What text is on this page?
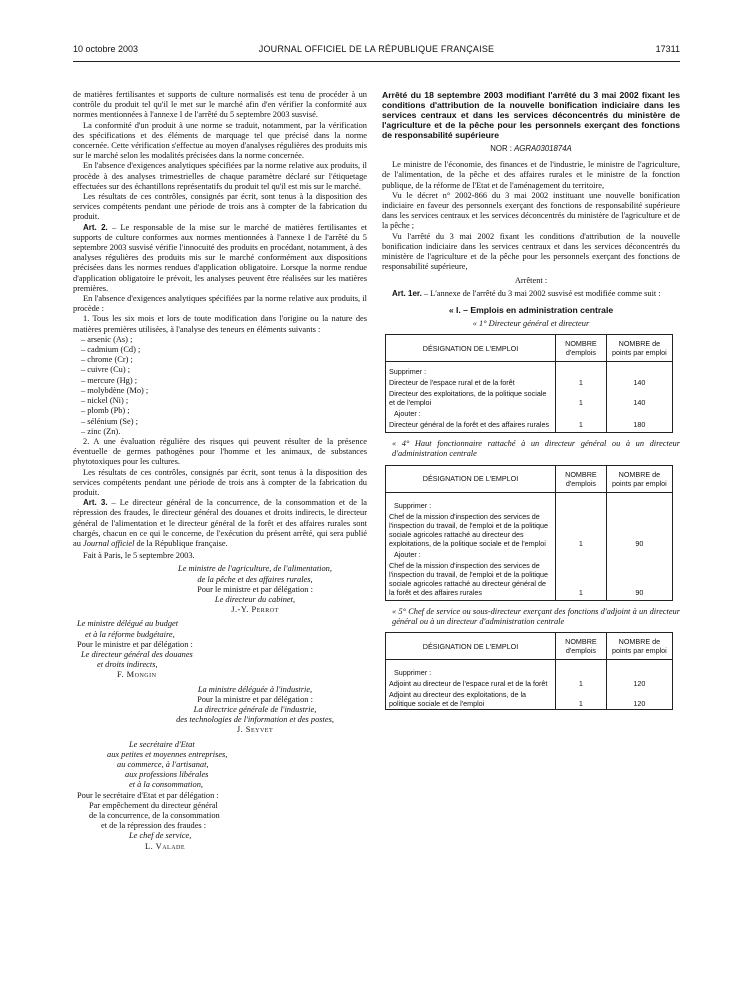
10 octobre 2003	JOURNAL OFFICIEL DE LA RÉPUBLIQUE FRANÇAISE	17311

de matières fertilisantes et supports de culture normalisés est tenu de procéder à un contrôle du produit tel qu'il le met sur le marché afin d'en vérifier la conformité aux normes mentionnées à l'annexe I de l'arrêté du 5 septembre 2003 susvisé.

La conformité d'un produit à une norme se traduit, notamment, par la vérification des spécifications et des éléments de marquage tel que précisé dans la norme concernée. Cette vérification s'effectue au moyen d'analyses régulières des produits mis sur le marché selon les modalités précisées dans la norme concernée.

En l'absence d'exigences analytiques spécifiées par la norme relative aux produits, il procède à des analyses trimestrielles de chaque paramètre déclaré sur l'étiquetage effectuées sur des échantillons représentatifs du produit tel qu'il est mis sur le marché.

Les résultats de ces contrôles, consignés par écrit, sont tenus à la disposition des services compétents pendant une période de trois ans à compter de la fabrication du produit.

Art. 2. – Le responsable de la mise sur le marché de matières fertilisantes et supports de culture conformes aux normes mentionnées à l'annexe I de l'arrêté du 5 septembre 2003 susvisé vérifie l'innocuité des produits en procédant, notamment, à des analyses régulières des produits mis sur le marché conformément aux dispositions précisées dans les normes rendues d'application obligatoire. Lorsque la norme rendue d'application obligatoire le prévoit, les analyses peuvent être réalisées sur les matières premières.

En l'absence d'exigences analytiques spécifiées par la norme relative aux produits, il procède :

1. Tous les six mois et lors de toute modification dans l'origine ou la nature des matières premières utilisées, à l'analyse des teneurs en éléments suivants :

– arsenic (As) ;
– cadmium (Cd) ;
– chrome (Cr) ;
– cuivre (Cu) ;
– mercure (Hg) ;
– molybdène (Mo) ;
– nickel (Ni) ;
– plomb (Pb) ;
– sélénium (Se) ;
– zinc (Zn).

2. A une évaluation régulière des risques qui peuvent résulter de la présence éventuelle de germes pathogènes pour l'homme et les animaux, de substances phytotoxiques pour les cultures.

Les résultats de ces contrôles, consignés par écrit, sont tenus à la disposition des services compétents pendant une période de trois ans à compter de la fabrication du produit.

Art. 3. – Le directeur général de la concurrence, de la consommation et de la répression des fraudes, le directeur général des douanes et droits indirects, le directeur général de l'alimentation et le directeur général de la forêt et des affaires rurales sont chargés, chacun en ce qui le concerne, de l'exécution du présent arrêté, qui sera publié au Journal officiel de la République française.

Fait à Paris, le 5 septembre 2003.

Le ministre de l'agriculture, de l'alimentation,

de la pêche et des affaires rurales,

Pour le ministre et par délégation :

Le directeur du cabinet,

J.-Y. Perrot

Le ministre délégué au budget

et à la réforme budgétaire,

Pour le ministre et par délégation :

Le directeur général des douanes

et droits indirects,

F. Mongin

La ministre déléguée à l'industrie,

Pour la ministre et par délégation :

La directrice générale de l'industrie,

des technologies de l'information et des postes,

J. Seyvet

Le secrétaire d'Etat

aux petites et moyennes entreprises,

au commerce, à l'artisanat,

aux professions libérales

et à la consommation,

Pour le secrétaire d'Etat et par délégation :

Par empêchement du directeur général

de la concurrence, de la consommation

et de la répression des fraudes :

Le chef de service,

L. Valade

Arrêté du 18 septembre 2003 modifiant l'arrêté du 3 mai 2002 fixant les conditions d'attribution de la nouvelle bonification indiciaire dans les services centraux et dans les services déconcentrés du ministère de l'agriculture et de la pêche pour les personnels exerçant des fonctions de responsabilité supérieure

NOR : AGRA0301874A

Le ministre de l'économie, des finances et de l'industrie, le ministre de l'agriculture, de l'alimentation, de la pêche et des affaires rurales et le ministre de la fonction publique, de la réforme de l'Etat et de l'aménagement du territoire,

Vu le décret n° 2002-866 du 3 mai 2002 instituant une nouvelle bonification indiciaire en faveur des personnels exerçant des fonctions de responsabilité supérieure dans les services centraux et les services déconcentrés du ministère de l'agriculture et de la pêche ;

Vu l'arrêté du 3 mai 2002 fixant les conditions d'attribution de la nouvelle bonification indiciaire dans les services centraux et dans les services déconcentrés du ministère de l'agriculture et de la pêche pour les personnels exerçant des fonctions de responsabilité supérieure,

Arrêtent :

Art. 1er. – L'annexe de l'arrêté du 3 mai 2002 susvisé est modifiée comme suit :

« I. – Emplois en administration centrale

« 1° Directeur général et directeur

DÉSIGNATION DE L'EMPLOI	NOMBRE d'emplois	NOMBRE de points par emploi
Supprimer :		
Directeur de l'espace rural et de la forêt	1	140
Directeur des exploitations, de la politique sociale et de l'emploi	1	140
Ajouter :		
Directeur général de la forêt et des affaires rurales	1	180

« 4° Haut fonctionnaire rattaché à un directeur général ou à un directeur d'administration centrale

DÉSIGNATION DE L'EMPLOI	NOMBRE d'emplois	NOMBRE de points par emploi
Supprimer :		
Chef de la mission d'inspection des services de l'inspection du travail, de l'emploi et de la politique sociale agricoles rattaché au directeur des exploitations, de la politique sociale et de l'emploi	1	90
Ajouter :		
Chef de la mission d'inspection des services de l'inspection du travail, de l'emploi et de la politique sociale agricoles rattaché au directeur général de la forêt et des affaires rurales	1	90

« 5° Chef de service ou sous-directeur exerçant des fonctions d'adjoint à un directeur général ou à un directeur d'administration centrale

DÉSIGNATION DE L'EMPLOI	NOMBRE d'emplois	NOMBRE de points par emploi
Supprimer :		
Adjoint au directeur de l'espace rural et de la forêt	1	120
Adjoint au directeur des exploitations, de la politique sociale et de l'emploi	1	120
